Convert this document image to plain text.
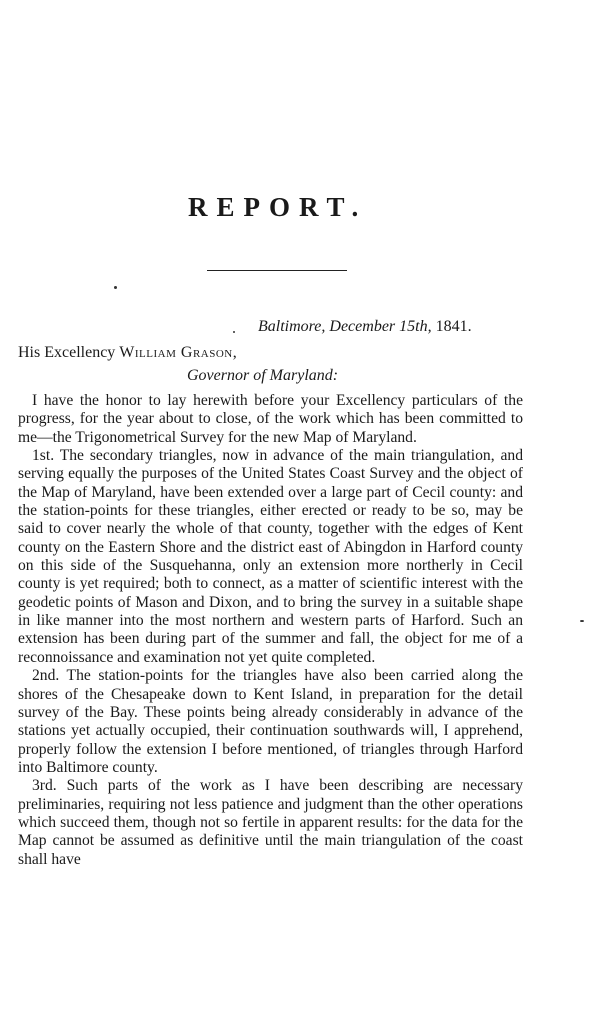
REPORT.
Baltimore, December 15th, 1841.
His Excellency William Grason,
Governor of Maryland:

I have the honor to lay herewith before your Excellency particulars of the progress, for the year about to close, of the work which has been committed to me—the Trigonometrical Survey for the new Map of Maryland.

1st. The secondary triangles, now in advance of the main triangulation, and serving equally the purposes of the United States Coast Survey and the object of the Map of Maryland, have been extended over a large part of Cecil county: and the station-points for these triangles, either erected or ready to be so, may be said to cover nearly the whole of that county, together with the edges of Kent county on the Eastern Shore and the district east of Abingdon in Harford county on this side of the Susquehanna, only an extension more northerly in Cecil county is yet required; both to connect, as a matter of scientific interest with the geodetic points of Mason and Dixon, and to bring the survey in a suitable shape in like manner into the most northern and western parts of Harford. Such an extension has been during part of the summer and fall, the object for me of a reconnoissance and examination not yet quite completed.

2nd. The station-points for the triangles have also been carried along the shores of the Chesapeake down to Kent Island, in preparation for the detail survey of the Bay. These points being already considerably in advance of the stations yet actually occupied, their continuation southwards will, I apprehend, properly follow the extension I before mentioned, of triangles through Harford into Baltimore county.

3rd. Such parts of the work as I have been describing are necessary preliminaries, requiring not less patience and judgment than the other operations which succeed them, though not so fertile in apparent results: for the data for the Map cannot be assumed as definitive until the main triangulation of the coast shall have
